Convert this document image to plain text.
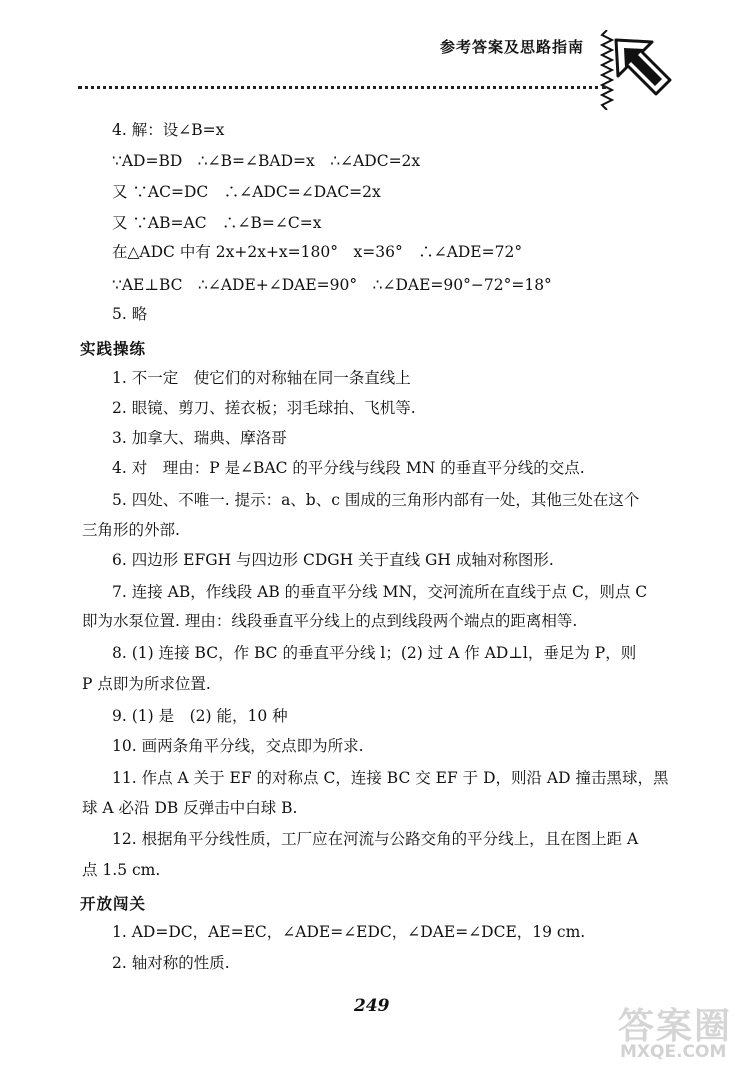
参考答案及思路指南
4. 解：设∠B=x
∵AD=BD　∴∠B=∠BAD=x　∴∠ADC=2x
又 ∵AC=DC　∴∠ADC=∠DAC=2x
又 ∵AB=AC　∴∠B=∠C=x
在△ADC 中有 2x+2x+x=180°　x=36°　∴∠ADE=72°
∵AE⊥BC　∴∠ADE+∠DAE=90°　∴∠DAE=90°−72°=18°
5. 略
实践操练
1. 不一定　使它们的对称轴在同一条直线上
2. 眼镜、剪刀、搓衣板；羽毛球拍、飞机等.
3. 加拿大、瑞典、摩洛哥
4. 对　理由：P 是∠BAC 的平分线与线段 MN 的垂直平分线的交点.
5. 四处、不唯一. 提示：a、b、c 围成的三角形内部有一处，其他三处在这个
三角形的外部.
6. 四边形 EFGH 与四边形 CDGH 关于直线 GH 成轴对称图形.
7. 连接 AB，作线段 AB 的垂直平分线 MN，交河流所在直线于点 C，则点 C
即为水泵位置. 理由：线段垂直平分线上的点到线段两个端点的距离相等.
8. (1) 连接 BC，作 BC 的垂直平分线 l；(2) 过 A 作 AD⊥l，垂足为 P，则
P 点即为所求位置.
9. (1) 是　(2) 能，10 种
10. 画两条角平分线，交点即为所求.
11. 作点 A 关于 EF 的对称点 C，连接 BC 交 EF 于 D，则沿 AD 撞击黑球，黑
球 A 必沿 DB 反弹击中白球 B.
12. 根据角平分线性质，工厂应在河流与公路交角的平分线上，且在图上距 A
点 1.5 cm.
开放闯关
1. AD=DC，AE=EC，∠ADE=∠EDC，∠DAE=∠DCE，19 cm.
2. 轴对称的性质.
249	答案圈
MXQE.COM
